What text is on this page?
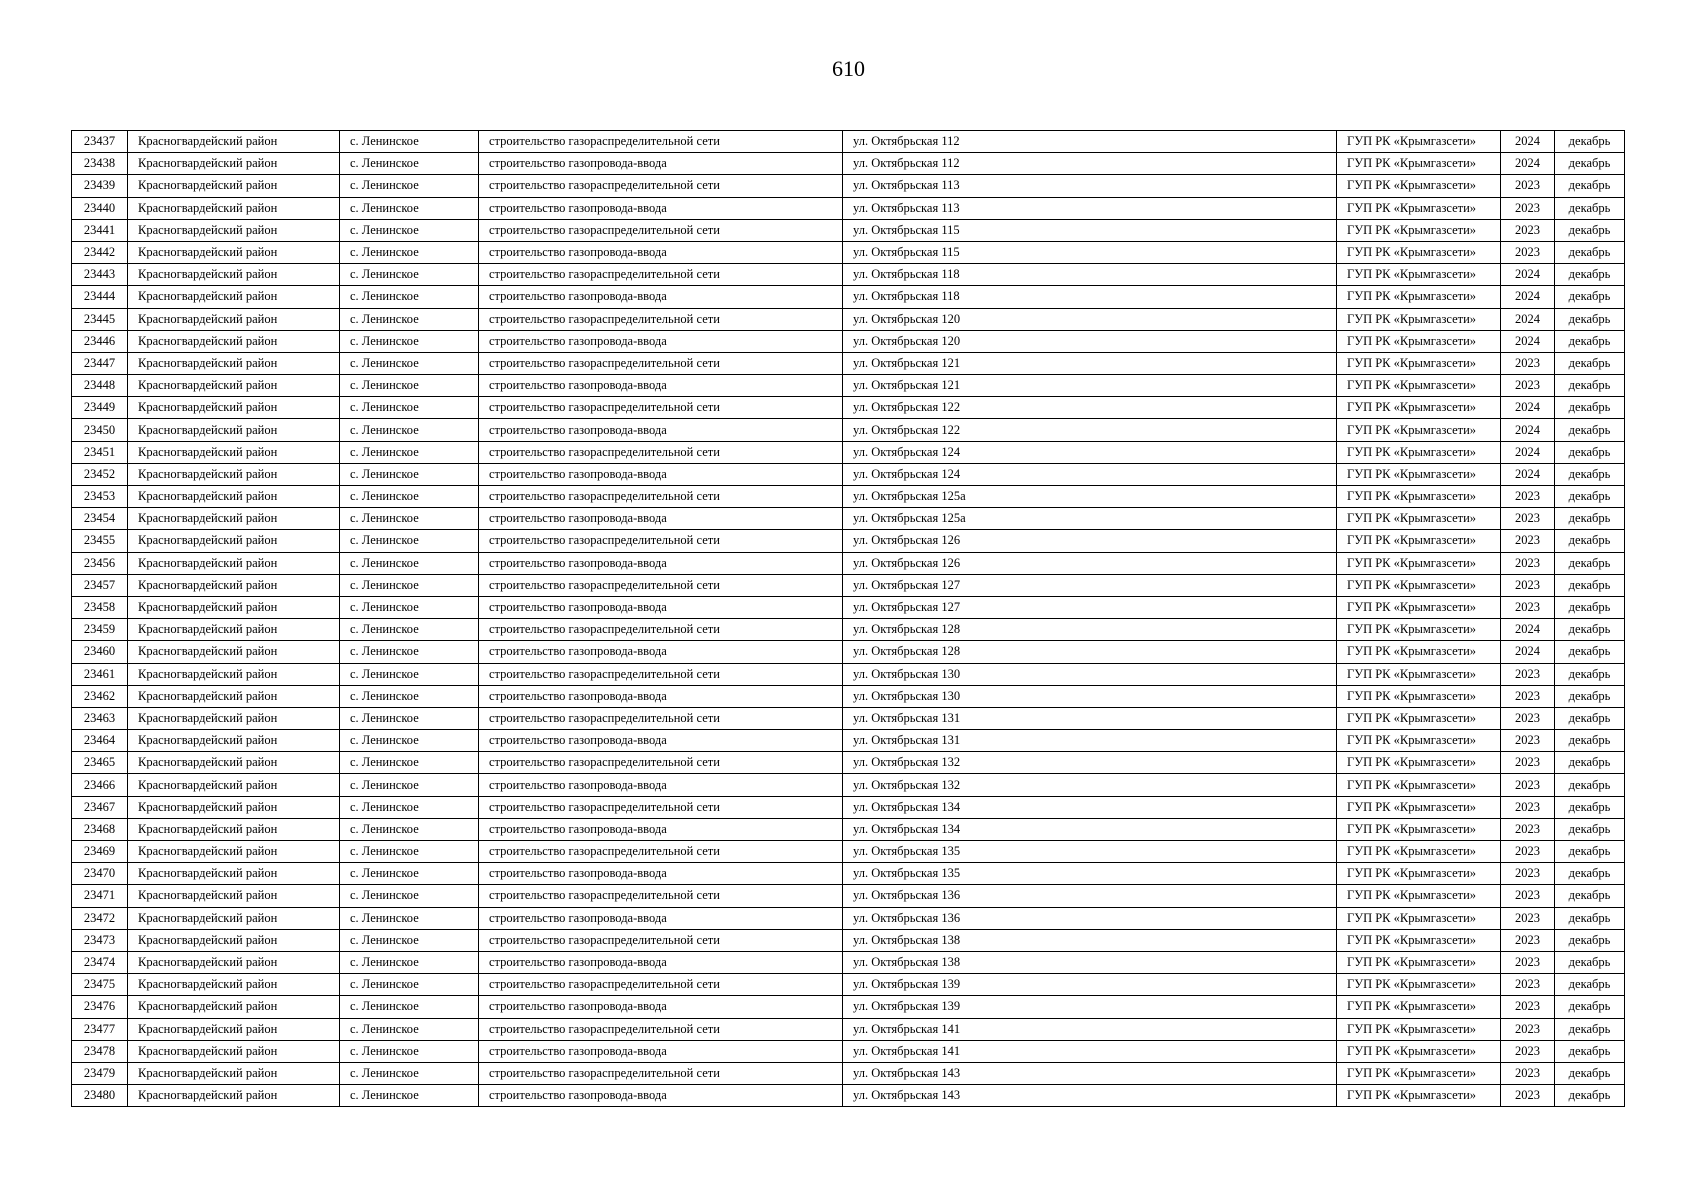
610
23437	Красногвардейский район	с. Ленинское	строительство газораспределительной сети	ул. Октябрьская 112	ГУП РК «Крымгазсети»	2024	декабрь
23438	Красногвардейский район	с. Ленинское	строительство газопровода-ввода	ул. Октябрьская 112	ГУП РК «Крымгазсети»	2024	декабрь
23439	Красногвардейский район	с. Ленинское	строительство газораспределительной сети	ул. Октябрьская 113	ГУП РК «Крымгазсети»	2023	декабрь
23440	Красногвардейский район	с. Ленинское	строительство газопровода-ввода	ул. Октябрьская 113	ГУП РК «Крымгазсети»	2023	декабрь
23441	Красногвардейский район	с. Ленинское	строительство газораспределительной сети	ул. Октябрьская 115	ГУП РК «Крымгазсети»	2023	декабрь
23442	Красногвардейский район	с. Ленинское	строительство газопровода-ввода	ул. Октябрьская 115	ГУП РК «Крымгазсети»	2023	декабрь
23443	Красногвардейский район	с. Ленинское	строительство газораспределительной сети	ул. Октябрьская 118	ГУП РК «Крымгазсети»	2024	декабрь
23444	Красногвардейский район	с. Ленинское	строительство газопровода-ввода	ул. Октябрьская 118	ГУП РК «Крымгазсети»	2024	декабрь
23445	Красногвардейский район	с. Ленинское	строительство газораспределительной сети	ул. Октябрьская 120	ГУП РК «Крымгазсети»	2024	декабрь
23446	Красногвардейский район	с. Ленинское	строительство газопровода-ввода	ул. Октябрьская 120	ГУП РК «Крымгазсети»	2024	декабрь
23447	Красногвардейский район	с. Ленинское	строительство газораспределительной сети	ул. Октябрьская 121	ГУП РК «Крымгазсети»	2023	декабрь
23448	Красногвардейский район	с. Ленинское	строительство газопровода-ввода	ул. Октябрьская 121	ГУП РК «Крымгазсети»	2023	декабрь
23449	Красногвардейский район	с. Ленинское	строительство газораспределительной сети	ул. Октябрьская 122	ГУП РК «Крымгазсети»	2024	декабрь
23450	Красногвардейский район	с. Ленинское	строительство газопровода-ввода	ул. Октябрьская 122	ГУП РК «Крымгазсети»	2024	декабрь
23451	Красногвардейский район	с. Ленинское	строительство газораспределительной сети	ул. Октябрьская 124	ГУП РК «Крымгазсети»	2024	декабрь
23452	Красногвардейский район	с. Ленинское	строительство газопровода-ввода	ул. Октябрьская 124	ГУП РК «Крымгазсети»	2024	декабрь
23453	Красногвардейский район	с. Ленинское	строительство газораспределительной сети	ул. Октябрьская 125а	ГУП РК «Крымгазсети»	2023	декабрь
23454	Красногвардейский район	с. Ленинское	строительство газопровода-ввода	ул. Октябрьская 125а	ГУП РК «Крымгазсети»	2023	декабрь
23455	Красногвардейский район	с. Ленинское	строительство газораспределительной сети	ул. Октябрьская 126	ГУП РК «Крымгазсети»	2023	декабрь
23456	Красногвардейский район	с. Ленинское	строительство газопровода-ввода	ул. Октябрьская 126	ГУП РК «Крымгазсети»	2023	декабрь
23457	Красногвардейский район	с. Ленинское	строительство газораспределительной сети	ул. Октябрьская 127	ГУП РК «Крымгазсети»	2023	декабрь
23458	Красногвардейский район	с. Ленинское	строительство газопровода-ввода	ул. Октябрьская 127	ГУП РК «Крымгазсети»	2023	декабрь
23459	Красногвардейский район	с. Ленинское	строительство газораспределительной сети	ул. Октябрьская 128	ГУП РК «Крымгазсети»	2024	декабрь
23460	Красногвардейский район	с. Ленинское	строительство газопровода-ввода	ул. Октябрьская 128	ГУП РК «Крымгазсети»	2024	декабрь
23461	Красногвардейский район	с. Ленинское	строительство газораспределительной сети	ул. Октябрьская 130	ГУП РК «Крымгазсети»	2023	декабрь
23462	Красногвардейский район	с. Ленинское	строительство газопровода-ввода	ул. Октябрьская 130	ГУП РК «Крымгазсети»	2023	декабрь
23463	Красногвардейский район	с. Ленинское	строительство газораспределительной сети	ул. Октябрьская 131	ГУП РК «Крымгазсети»	2023	декабрь
23464	Красногвардейский район	с. Ленинское	строительство газопровода-ввода	ул. Октябрьская 131	ГУП РК «Крымгазсети»	2023	декабрь
23465	Красногвардейский район	с. Ленинское	строительство газораспределительной сети	ул. Октябрьская 132	ГУП РК «Крымгазсети»	2023	декабрь
23466	Красногвардейский район	с. Ленинское	строительство газопровода-ввода	ул. Октябрьская 132	ГУП РК «Крымгазсети»	2023	декабрь
23467	Красногвардейский район	с. Ленинское	строительство газораспределительной сети	ул. Октябрьская 134	ГУП РК «Крымгазсети»	2023	декабрь
23468	Красногвардейский район	с. Ленинское	строительство газопровода-ввода	ул. Октябрьская 134	ГУП РК «Крымгазсети»	2023	декабрь
23469	Красногвардейский район	с. Ленинское	строительство газораспределительной сети	ул. Октябрьская 135	ГУП РК «Крымгазсети»	2023	декабрь
23470	Красногвардейский район	с. Ленинское	строительство газопровода-ввода	ул. Октябрьская 135	ГУП РК «Крымгазсети»	2023	декабрь
23471	Красногвардейский район	с. Ленинское	строительство газораспределительной сети	ул. Октябрьская 136	ГУП РК «Крымгазсети»	2023	декабрь
23472	Красногвардейский район	с. Ленинское	строительство газопровода-ввода	ул. Октябрьская 136	ГУП РК «Крымгазсети»	2023	декабрь
23473	Красногвардейский район	с. Ленинское	строительство газораспределительной сети	ул. Октябрьская 138	ГУП РК «Крымгазсети»	2023	декабрь
23474	Красногвардейский район	с. Ленинское	строительство газопровода-ввода	ул. Октябрьская 138	ГУП РК «Крымгазсети»	2023	декабрь
23475	Красногвардейский район	с. Ленинское	строительство газораспределительной сети	ул. Октябрьская 139	ГУП РК «Крымгазсети»	2023	декабрь
23476	Красногвардейский район	с. Ленинское	строительство газопровода-ввода	ул. Октябрьская 139	ГУП РК «Крымгазсети»	2023	декабрь
23477	Красногвардейский район	с. Ленинское	строительство газораспределительной сети	ул. Октябрьская 141	ГУП РК «Крымгазсети»	2023	декабрь
23478	Красногвардейский район	с. Ленинское	строительство газопровода-ввода	ул. Октябрьская 141	ГУП РК «Крымгазсети»	2023	декабрь
23479	Красногвардейский район	с. Ленинское	строительство газораспределительной сети	ул. Октябрьская 143	ГУП РК «Крымгазсети»	2023	декабрь
23480	Красногвардейский район	с. Ленинское	строительство газопровода-ввода	ул. Октябрьская 143	ГУП РК «Крымгазсети»	2023	декабрь
